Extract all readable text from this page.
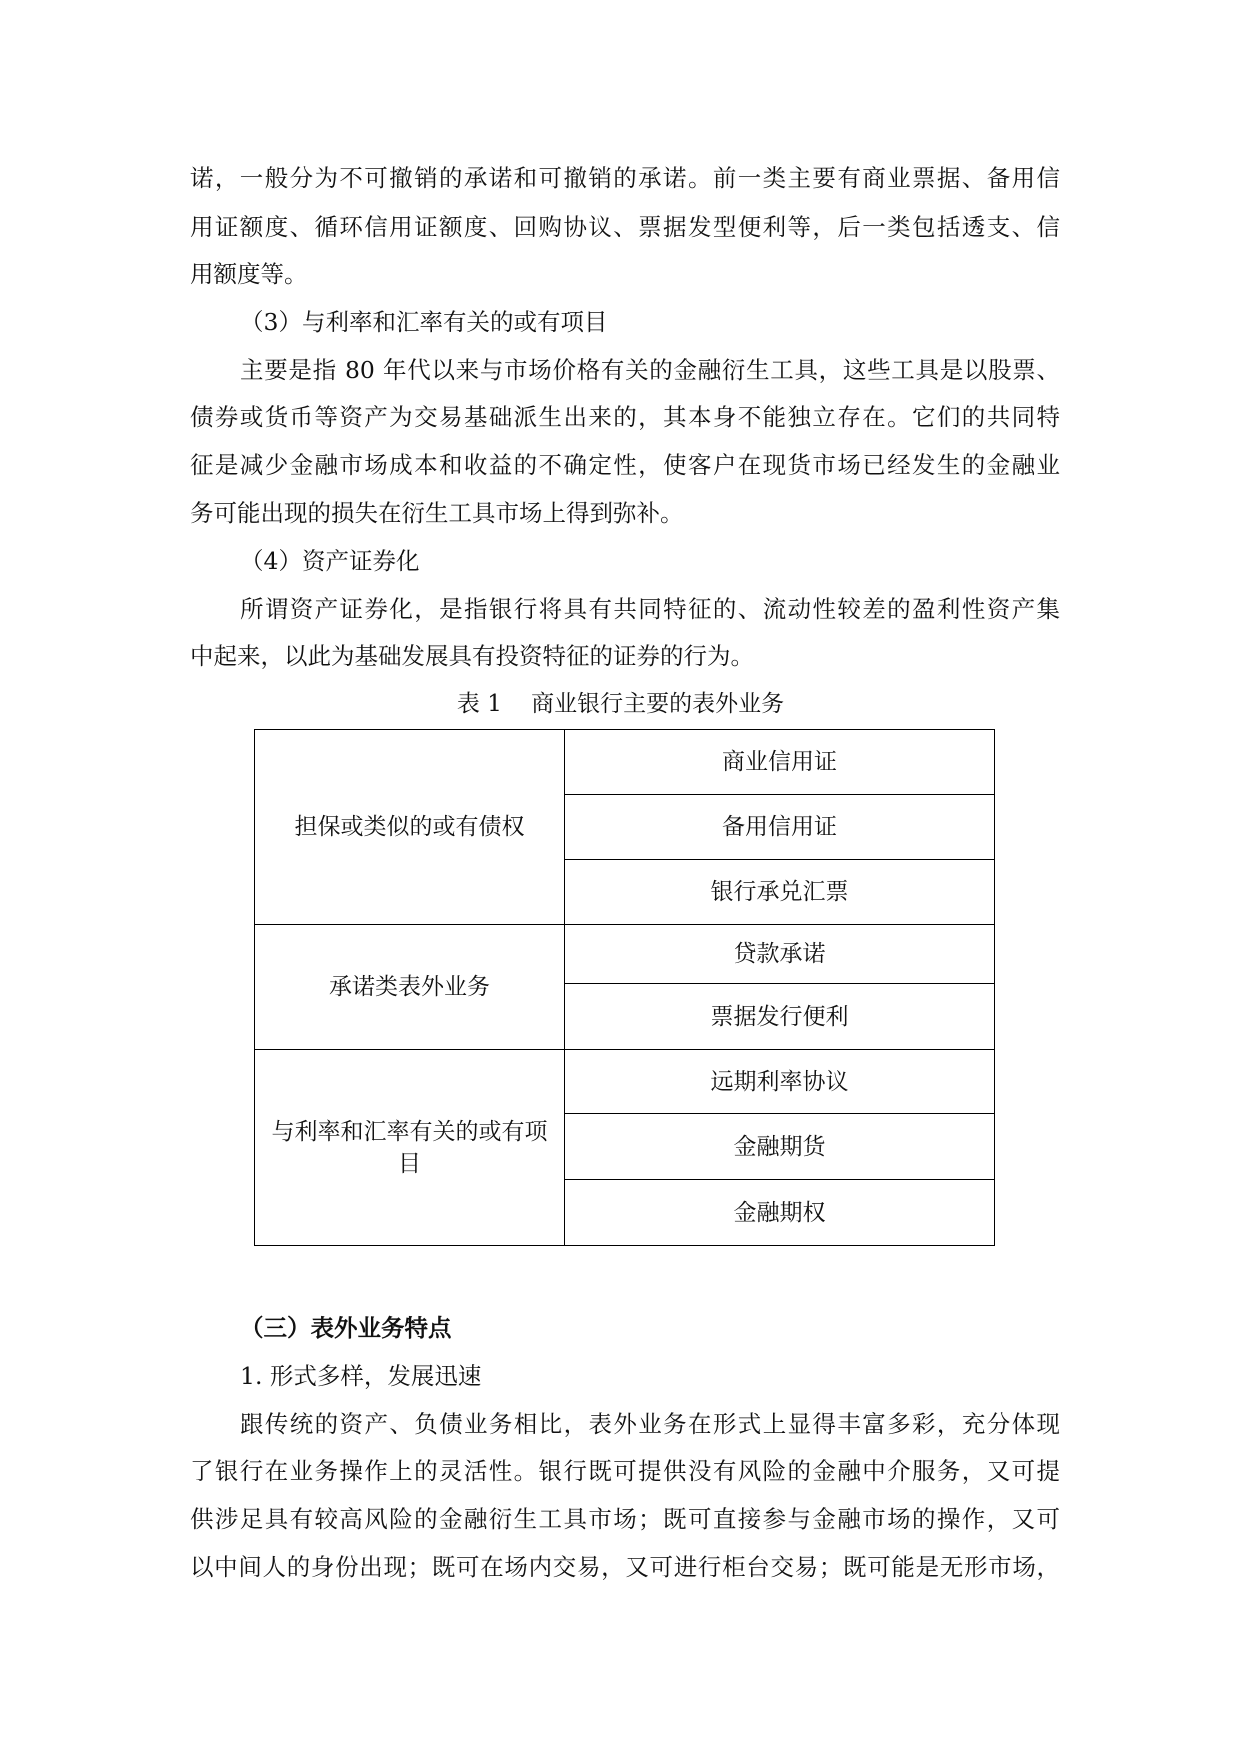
诺，一般分为不可撤销的承诺和可撤销的承诺。前一类主要有商业票据、备用信
用证额度、循环信用证额度、回购协议、票据发型便利等，后一类包括透支、信
用额度等。
（3）与利率和汇率有关的或有项目
主要是指 80 年代以来与市场价格有关的金融衍生工具，这些工具是以股票、
债券或货币等资产为交易基础派生出来的，其本身不能独立存在。它们的共同特
征是减少金融市场成本和收益的不确定性，使客户在现货市场已经发生的金融业
务可能出现的损失在衍生工具市场上得到弥补。
（4）资产证券化
所谓资产证券化，是指银行将具有共同特征的、流动性较差的盈利性资产集
中起来，以此为基础发展具有投资特征的证券的行为。
表 1    商业银行主要的表外业务
担保或类似的或有债权	商业信用证
	备用信用证
	银行承兑汇票
承诺类表外业务	贷款承诺
	票据发行便利
与利率和汇率有关的或有项目	远期利率协议
	金融期货
	金融期权
（三）表外业务特点
1. 形式多样，发展迅速
跟传统的资产、负债业务相比，表外业务在形式上显得丰富多彩，充分体现
了银行在业务操作上的灵活性。银行既可提供没有风险的金融中介服务，又可提
供涉足具有较高风险的金融衍生工具市场；既可直接参与金融市场的操作，又可
以中间人的身份出现；既可在场内交易，又可进行柜台交易；既可能是无形市场，
